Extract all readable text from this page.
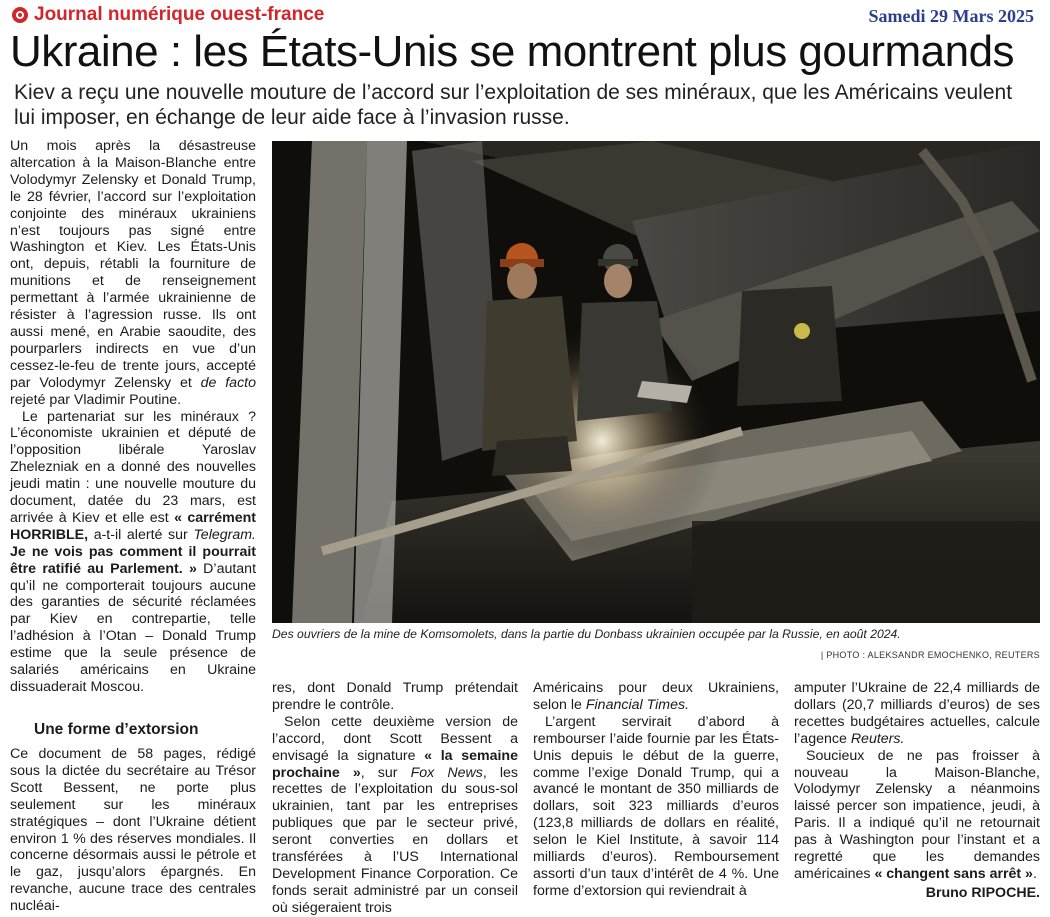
Journal numérique ouest-france	Samedi 29 Mars 2025
Ukraine : les États-Unis se montrent plus gourmands

Kiev a reçu une nouvelle mouture de l’accord sur l’exploitation de ses minéraux, que les Américains veulent lui imposer, en échange de leur aide face à l’invasion russe.

Un mois après la désastreuse altercation à la Maison-Blanche entre Volodymyr Zelensky et Donald Trump, le 28 février, l’accord sur l’exploitation conjointe des minéraux ukrainiens n’est toujours pas signé entre Washington et Kiev. Les États-Unis ont, depuis, rétabli la fourniture de munitions et de renseignement permettant à l’armée ukrainienne de résister à l’agression russe. Ils ont aussi mené, en Arabie saoudite, des pourparlers indirects en vue d’un cessez-le-feu de trente jours, accepté par Volodymyr Zelensky et de facto rejeté par Vladimir Poutine.

Le partenariat sur les minéraux ? L’économiste ukrainien et député de l’opposition libérale Yaroslav Zhelezniak en a donné des nouvelles jeudi matin : une nouvelle mouture du document, datée du 23 mars, est arrivée à Kiev et elle est « carrément HORRIBLE, a-t-il alerté sur Telegram. Je ne vois pas comment il pourrait être ratifié au Parlement. » D’autant qu’il ne comporterait toujours aucune des garanties de sécurité réclamées par Kiev en contrepartie, telle l’adhésion à l’Otan – Donald Trump estime que la seule présence de salariés américains en Ukraine dissuaderait Moscou.

Une forme d’extorsion

Ce document de 58 pages, rédigé sous la dictée du secrétaire au Trésor Scott Bessent, ne porte plus seulement sur les minéraux stratégiques – dont l’Ukraine détient environ 1 % des réserves mondiales. Il concerne désormais aussi le pétrole et le gaz, jusqu’alors épargnés. En revanche, aucune trace des centrales nucléai-

Des ouvriers de la mine de Komsomolets, dans la partie du Donbass ukrainien occupée par la Russie, en août 2024.

| PHOTO : ALEKSANDR EMOCHENKO, REUTERS

res, dont Donald Trump prétendait prendre le contrôle.

Selon cette deuxième version de l’accord, dont Scott Bessent a envisagé la signature « la semaine prochaine », sur Fox News, les recettes de l’exploitation du sous-sol ukrainien, tant par les entreprises publiques que par le secteur privé, seront converties en dollars et transférées à l’US International Development Finance Corporation. Ce fonds serait administré par un conseil où siégeraient trois

Américains pour deux Ukrainiens, selon le Financial Times.

L’argent servirait d’abord à rembourser l’aide fournie par les États-Unis depuis le début de la guerre, comme l’exige Donald Trump, qui a avancé le montant de 350 milliards de dollars, soit 323 milliards d’euros (123,8 milliards de dollars en réalité, selon le Kiel Institute, à savoir 114 milliards d’euros). Remboursement assorti d’un taux d’intérêt de 4 %. Une forme d’extorsion qui reviendrait à

amputer l’Ukraine de 22,4 milliards de dollars (20,7 milliards d’euros) de ses recettes budgétaires actuelles, calcule l’agence Reuters.

Soucieux de ne pas froisser à nouveau la Maison-Blanche, Volodymyr Zelensky a néanmoins laissé percer son impatience, jeudi, à Paris. Il a indiqué qu’il ne retournait pas à Washington pour l’instant et a regretté que les demandes américaines « changent sans arrêt ».

Bruno RIPOCHE.
